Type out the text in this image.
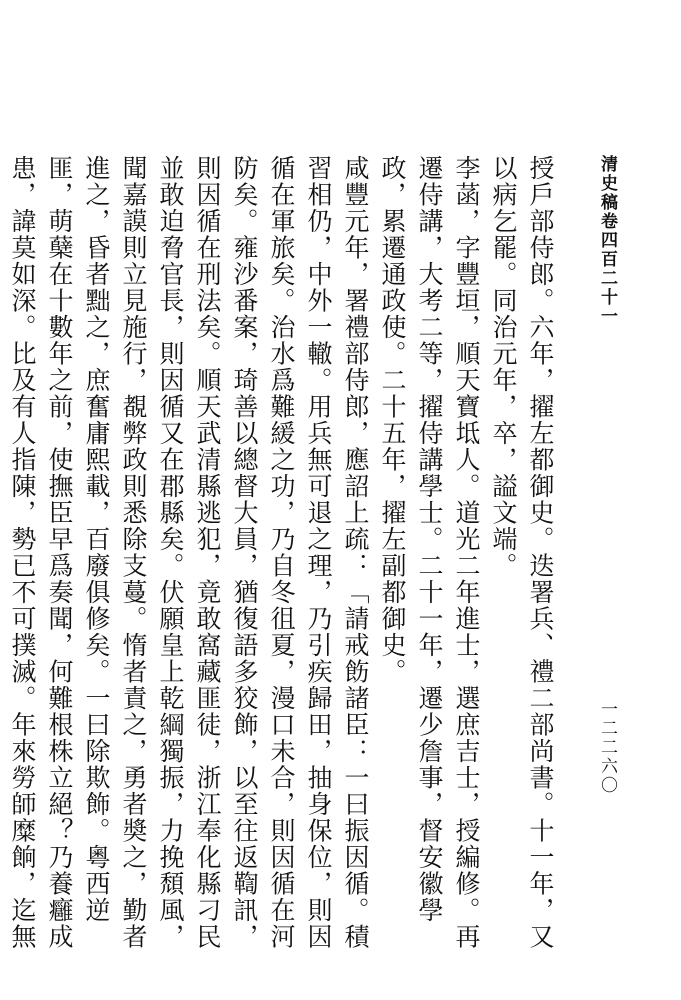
清史稿卷四百二十一
一二二六〇

授戶部侍郎。六年，擢左都御史。迭署兵、禮二部尚書。十一年，又以病乞罷。同治元年，卒，謚文端。

李菡，字豐垣，順天寶坻人。道光二年進士，選庶吉士，授編修。再遷侍講，大考二等，擢侍講學士。二十一年，遷少詹事，督安徽學政，累遷通政使。二十五年，擢左副都御史。

咸豐元年，署禮部侍郎，應詔上疏：「請戒飭諸臣：一曰振因循。積習相仍，中外一轍。用兵無可退之理，乃引疾歸田，抽身保位，則因循在軍旅矣。治水爲難緩之功，乃自冬徂夏，漫口未合，則因循在河防矣。雍沙番案，琦善以總督大員，猶復語多狡飾，以至往返鞫訊，則因循在刑法矣。順天武清縣逃犯，竟敢窩藏匪徒，浙江奉化縣刁民並敢迫脅官長，則因循又在郡縣矣。伏願皇上乾綱獨振，力挽頹風，聞嘉謨則立見施行，覩弊政則悉除支蔓。惰者責之，勇者奬之，勤者進之，昏者黜之，庶奮庸熙載，百廢俱修矣。一曰除欺飾。粵西逆匪，萌蘖在十數年之前，使撫臣早爲奏聞，何難根株立絕？乃養癰成患，諱莫如深。比及有人指陳，勢已不可撲滅。年來勞師糜餉，迄無
